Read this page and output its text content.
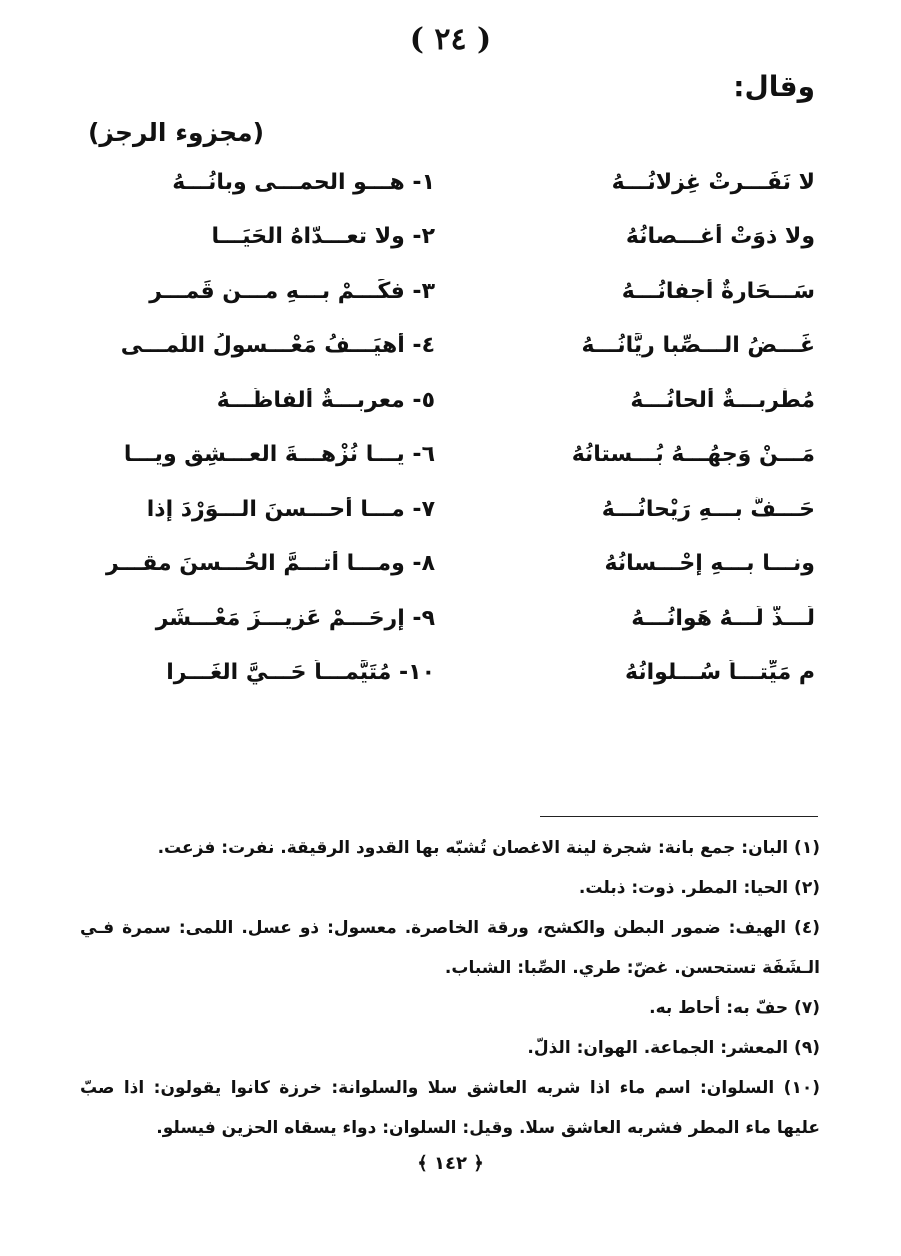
( ٢٤ )
وقال:
(مجزوء الرجز)
١- هـــو الحمـــى وبانُـــهُ	لا نَفَـــرتْ غِزلانُـــهُ
٢- ولا تعـــدّاهُ الحَيَـــا	ولا ذوَتْ أغـــصانُهُ
٣- فكَـــمْ بـــهِ مـــن قَمـــرٍ	سَـــحَارةٌ أجفانُـــهُ
٤- أهيَـــفُ مَعْـــسولُ اللُمـــى	غَـــضُ الـــصِّبا ريَّانُـــهُ
٥- معربـــةٌ ألفاظُـــهُ	مُطْربـــةٌ ألحانُـــهُ
٦- يـــا نُزْهـــةَ العـــشِقِ ويـــا	مَـــنْ وَجهُـــهُ بُـــستانُهُ
٧- مـــا أحـــسنَ الـــوَرْدَ إذا	حَـــفَّ بـــهِ رَيْحانُـــهُ
٨- ومـــا أتـــمَّ الحُـــسنَ مقـــر	ونـــا بـــهِ إحْـــسانُهُ
٩- إرحَـــمْ عَزيـــزَ مَعْـــشَرٍ	لَـــذَّ لَـــهُ هَوانُـــهُ
١٠- مُتَيَّمـــاً حَـــيَّ الغَـــرا	مِ مَيِّتـــاً سُـــلوانُهُ

(١) البان: جمع بانة: شجرة لينة الاغصان تُشبّه بها القدود الرقيقة. نفرت: فزعت.

(٢) الحيا: المطر. ذوت: ذبلت.

(٤) الهيف: ضمور البطن والكشح، ورقة الخاصرة. معسول: ذو عسل. اللمى: سمرة فـي الـشَفَة تستحسن. غضّ: طري. الصِّبا: الشباب.

(٧) حفّ به: أحاط به.

(٩) المعشر: الجماعة. الهوان: الذلّ.

(١٠) السلوان: اسم ماء اذا شربه العاشق سلا والسلوانة: خرزة كانوا يقولون: اذا صبّ عليها ماء المطر فشربه العاشق سلا. وقيل: السلوان: دواء يسقاه الحزين فيسلو.

﴿ ١٤٢ ﴾
